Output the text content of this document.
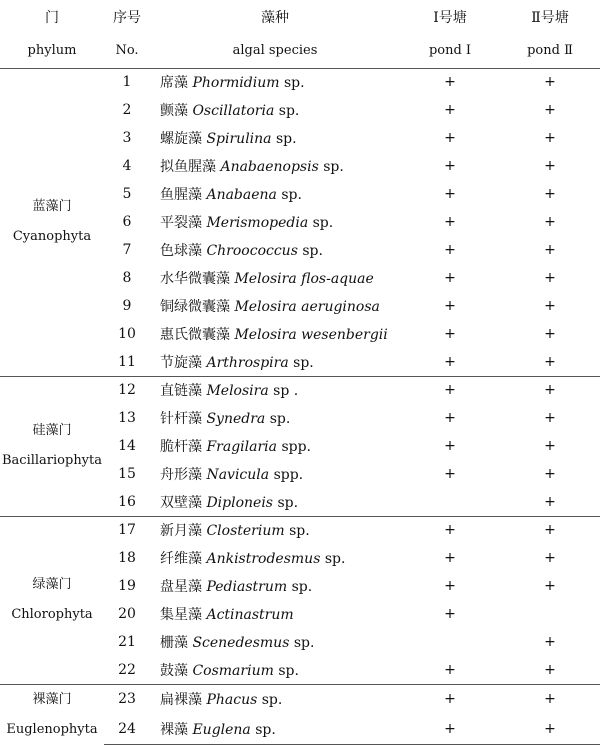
门	序号	藻种	Ⅰ号塘	Ⅱ号塘
phylum	No.	algal species	pond Ⅰ	pond Ⅱ

蓝藻门
Cyanophyta	1	席藻 Phormidium sp.	+	+
	2	颤藻 Oscillatoria sp.	+	+
	3	螺旋藻 Spirulina sp.	+	+
	4	拟鱼腥藻 Anabaenopsis sp.	+	+
	5	鱼腥藻 Anabaena sp.	+	+
	6	平裂藻 Merismopedia sp.	+	+
	7	色球藻 Chroococcus sp.	+	+
	8	水华微囊藻 Melosira flos-aquae	+	+
	9	铜绿微囊藻 Melosira aeruginosa	+	+
	10	惠氏微囊藻 Melosira wesenbergii	+	+
	11	节旋藻 Arthrospira sp.	+	+

硅藻门
Bacillariophyta	12	直链藻 Melosira sp .	+	+
	13	针杆藻 Synedra sp.	+	+
	14	脆杆藻 Fragilaria spp.	+	+
	15	舟形藻 Navicula spp.	+	+
	16	双壁藻 Diploneis sp.		+

绿藻门
Chlorophyta	17	新月藻 Closterium sp.	+	+
	18	纤维藻 Ankistrodesmus sp.	+	+
	19	盘星藻 Pediastrum sp.	+	+
	20	集星藻 Actinastrum	+	
	21	栅藻 Scenedesmus sp.		+
	22	鼓藻 Cosmarium sp.	+	+

裸藻门
Euglenophyta	23	扁裸藻 Phacus sp.	+	+
	24	裸藻 Euglena sp.	+	+
